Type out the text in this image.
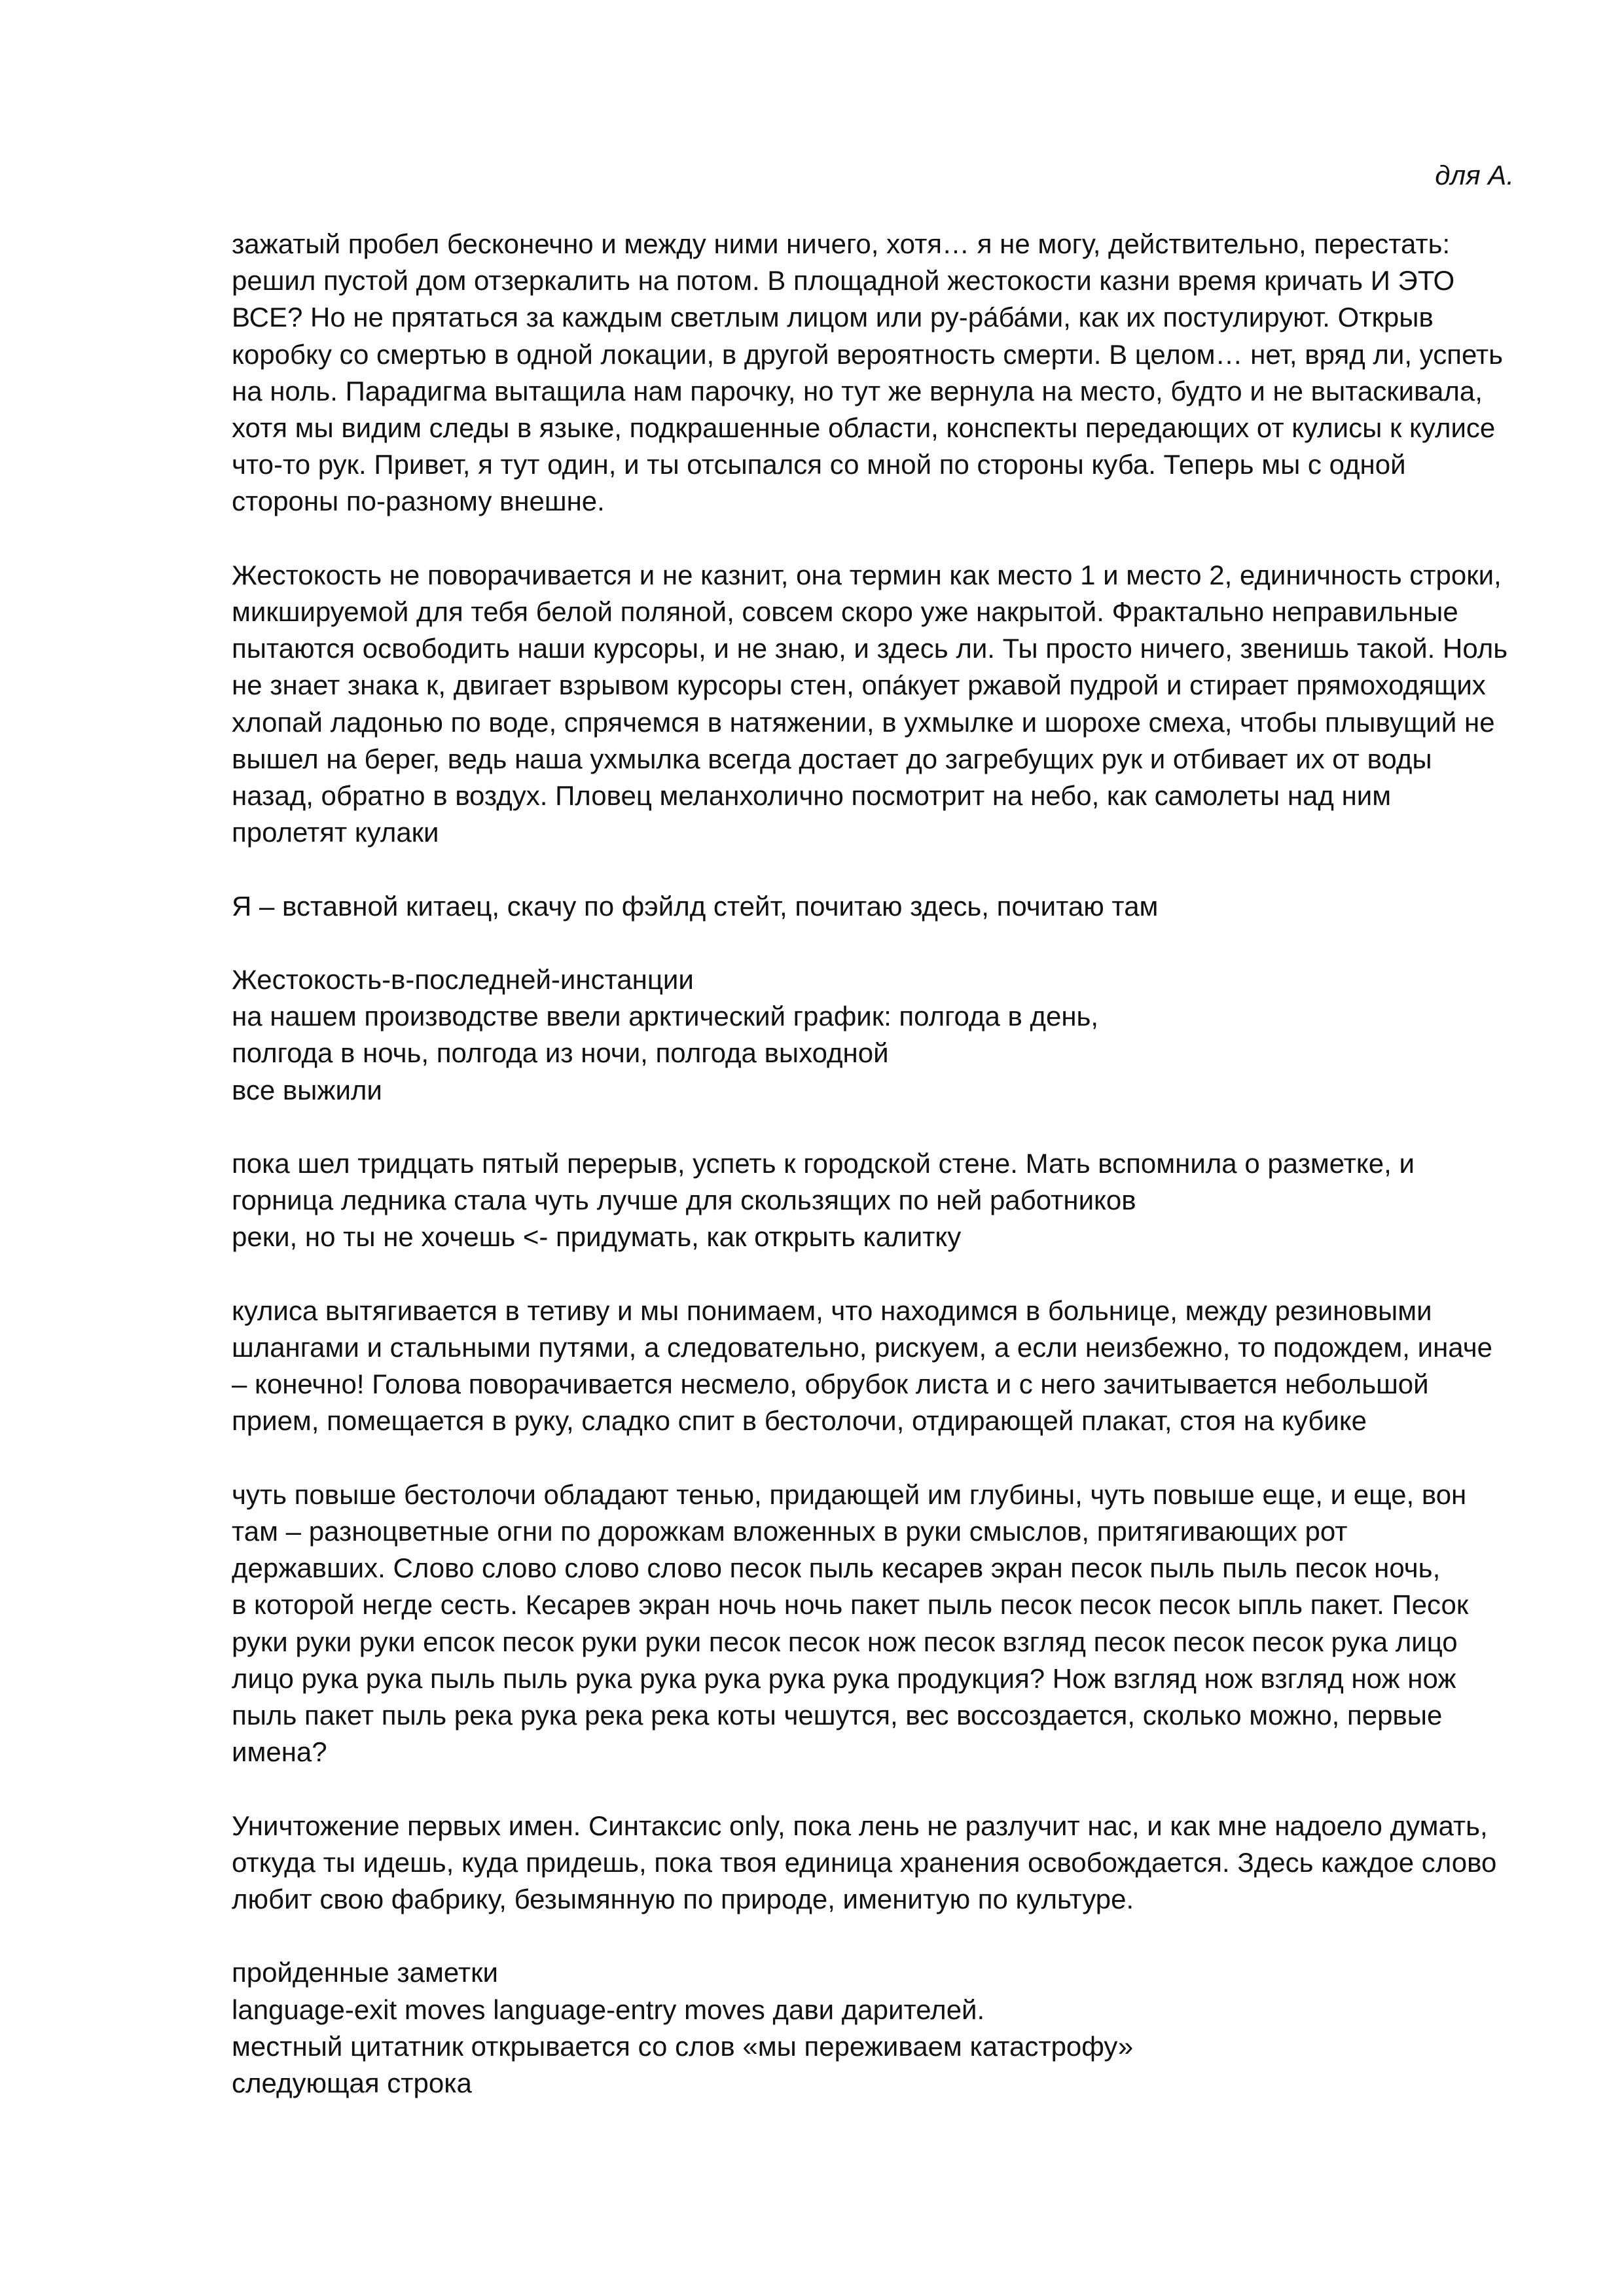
для А.
зажатый пробел бесконечно и между ними ничего, хотя… я не могу, действительно, перестать:
решил пустой дом отзеркалить на потом. В площадной жестокости казни время кричать И ЭТО
ВСЕ? Но не прятаться за каждым светлым лицом или ру-ра́ба́ми, как их постулируют. Открыв
коробку со смертью в одной локации, в другой вероятность смерти. В целом… нет, вряд ли, успеть
на ноль. Парадигма вытащила нам парочку, но тут же вернула на место, будто и не вытаскивала,
хотя мы видим следы в языке, подкрашенные области, конспекты передающих от кулисы к кулисе
что-то рук. Привет, я тут один, и ты отсыпался со мной по стороны куба. Теперь мы с одной
стороны по-разному внешне.
Жестокость не поворачивается и не казнит, она термин как место 1 и место 2, единичность строки,
микшируемой для тебя белой поляной, совсем скоро уже накрытой. Фрактально неправильные
пытаются освободить наши курсоры, и не знаю, и здесь ли. Ты просто ничего, звенишь такой. Ноль
не знает знака к, двигает взрывом курсоры стен, опа́кует ржавой пудрой и стирает прямоходящих
хлопай ладонью по воде, спрячемся в натяжении, в ухмылке и шорохе смеха, чтобы плывущий не
вышел на берег, ведь наша ухмылка всегда достает до загребущих рук и отбивает их от воды
назад, обратно в воздух. Пловец меланхолично посмотрит на небо, как самолеты над ним
пролетят кулаки
Я – вставной китаец, скачу по фэйлд стейт, почитаю здесь, почитаю там
Жестокость-в-последней-инстанции
на нашем производстве ввели арктический график: полгода в день,
полгода в ночь, полгода из ночи, полгода выходной
все выжили
пока шел тридцать пятый перерыв, успеть к городской стене. Мать вспомнила о разметке, и
горница ледника стала чуть лучше для скользящих по ней работников
реки, но ты не хочешь <- придумать, как открыть калитку
кулиса вытягивается в тетиву и мы понимаем, что находимся в больнице, между резиновыми
шлангами и стальными путями, а следовательно, рискуем, а если неизбежно, то подождем, иначе
– конечно! Голова поворачивается несмело, обрубок листа и с него зачитывается небольшой
прием, помещается в руку, сладко спит в бестолочи, отдирающей плакат, стоя на кубике
чуть повыше бестолочи обладают тенью, придающей им глубины, чуть повыше еще, и еще, вон
там – разноцветные огни по дорожкам вложенных в руки смыслов, притягивающих рот
державших. Слово слово слово слово песок пыль кесарев экран песок пыль пыль песок ночь,
в которой негде сесть. Кесарев экран ночь ночь пакет пыль песок песок песок ыпль пакет. Песок
руки руки руки епсок песок руки руки песок песок нож песок взгляд песок песок песок рука лицо
лицо рука рука пыль пыль рука рука рука рука рука продукция? Нож взгляд нож взгляд нож нож
пыль пакет пыль река рука река река коты чешутся, вес воссоздается, сколько можно, первые
имена?
Уничтожение первых имен. Синтаксис only, пока лень не разлучит нас, и как мне надоело думать,
откуда ты идешь, куда придешь, пока твоя единица хранения освобождается. Здесь каждое слово
любит свою фабрику, безымянную по природе, именитую по культуре.
пройденные заметки
language-exit moves language-entry moves дави дарителей.
местный цитатник открывается со слов «мы переживаем катастрофу»
следующая строка
